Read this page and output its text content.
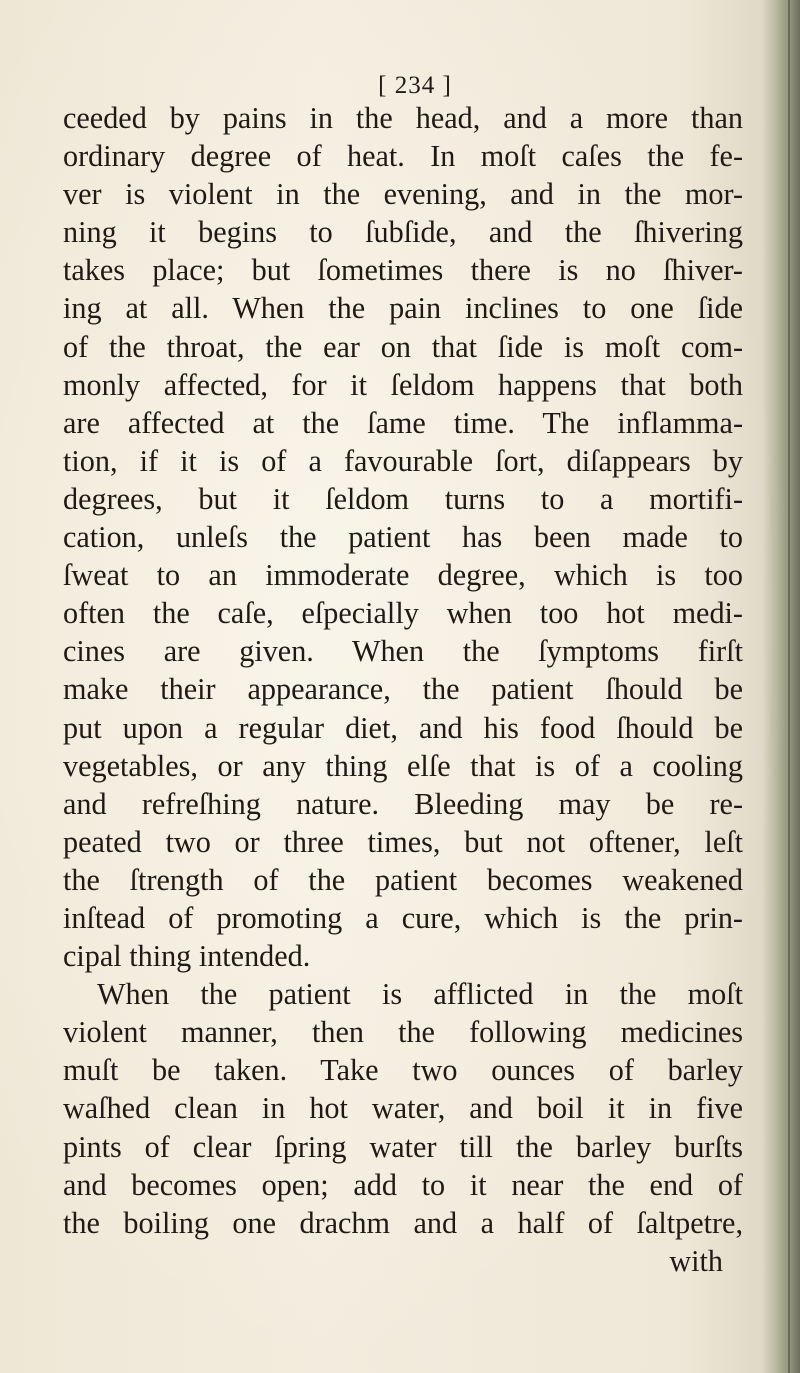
[ 234 ]
ceeded by pains in the head, and a more than
ordinary degree of heat. In moſt caſes the fe-
ver is violent in the evening, and in the mor-
ning it begins to ſubſide, and the ſhivering
takes place; but ſometimes there is no ſhiver-
ing at all. When the pain inclines to one ſide
of the throat, the ear on that ſide is moſt com-
monly affected, for it ſeldom happens that both
are affected at the ſame time. The inflamma-
tion, if it is of a favourable ſort, diſappears by
degrees, but it ſeldom turns to a mortifi-
cation, unleſs the patient has been made to
ſweat to an immoderate degree, which is too
often the caſe, eſpecially when too hot medi-
cines are given. When the ſymptoms firſt
make their appearance, the patient ſhould be
put upon a regular diet, and his food ſhould be
vegetables, or any thing elſe that is of a cooling
and refreſhing nature. Bleeding may be re-
peated two or three times, but not oftener, leſt
the ſtrength of the patient becomes weakened
inſtead of promoting a cure, which is the prin-
cipal thing intended.
When the patient is afflicted in the moſt
violent manner, then the following medicines
muſt be taken. Take two ounces of barley
waſhed clean in hot water, and boil it in five
pints of clear ſpring water till the barley burſts
and becomes open; add to it near the end of
the boiling one drachm and a half of ſaltpetre,
with
